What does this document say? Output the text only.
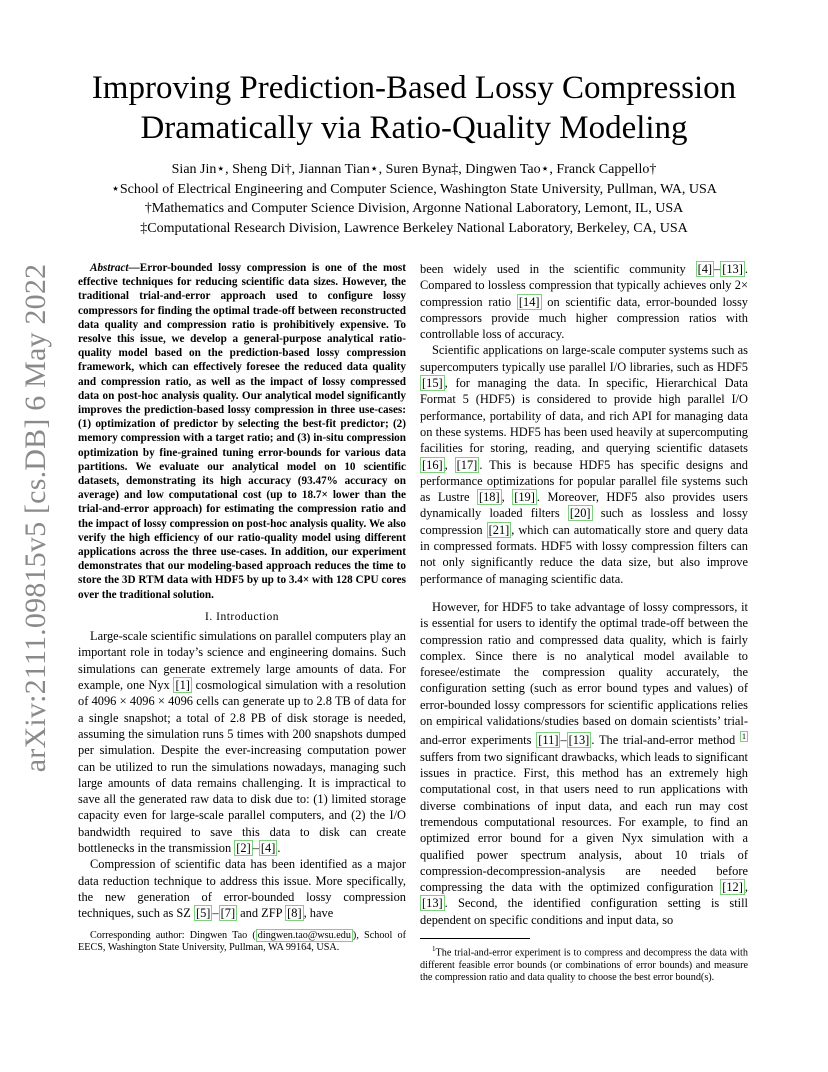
arXiv:2111.09815v5 [cs.DB] 6 May 2022
Improving Prediction-Based Lossy Compression
Dramatically via Ratio-Quality Modeling
Sian Jin⋆, Sheng Di†, Jiannan Tian⋆, Suren Byna‡, Dingwen Tao⋆, Franck Cappello†
⋆School of Electrical Engineering and Computer Science, Washington State University, Pullman, WA, USA
†Mathematics and Computer Science Division, Argonne National Laboratory, Lemont, IL, USA
‡Computational Research Division, Lawrence Berkeley National Laboratory, Berkeley, CA, USA

Abstract—Error-bounded lossy compression is one of the most effective techniques for reducing scientific data sizes. However, the traditional trial-and-error approach used to configure lossy compressors for finding the optimal trade-off between reconstructed data quality and compression ratio is prohibitively expensive. To resolve this issue, we develop a general-purpose analytical ratio-quality model based on the prediction-based lossy compression framework, which can effectively foresee the reduced data quality and compression ratio, as well as the impact of lossy compressed data on post-hoc analysis quality. Our analytical model significantly improves the prediction-based lossy compression in three use-cases: (1) optimization of predictor by selecting the best-fit predictor; (2) memory compression with a target ratio; and (3) in-situ compression optimization by fine-grained tuning error-bounds for various data partitions. We evaluate our analytical model on 10 scientific datasets, demonstrating its high accuracy (93.47% accuracy on average) and low computational cost (up to 18.7× lower than the trial-and-error approach) for estimating the compression ratio and the impact of lossy compression on post-hoc analysis quality. We also verify the high efficiency of our ratio-quality model using different applications across the three use-cases. In addition, our experiment demonstrates that our modeling-based approach reduces the time to store the 3D RTM data with HDF5 by up to 3.4× with 128 CPU cores over the traditional solution.

I. Introduction

Large-scale scientific simulations on parallel computers play an important role in today’s science and engineering domains. Such simulations can generate extremely large amounts of data. For example, one Nyx [1] cosmological simulation with a resolution of 4096 × 4096 × 4096 cells can generate up to 2.8 TB of data for a single snapshot; a total of 2.8 PB of disk storage is needed, assuming the simulation runs 5 times with 200 snapshots dumped per simulation. Despite the ever-increasing computation power can be utilized to run the simulations nowadays, managing such large amounts of data remains challenging. It is impractical to save all the generated raw data to disk due to: (1) limited storage capacity even for large-scale parallel computers, and (2) the I/O bandwidth required to save this data to disk can create bottlenecks in the transmission [2] – [4] .

Compression of scientific data has been identified as a major data reduction technique to address this issue. More specifically, the new generation of error-bounded lossy compression techniques, such as SZ [5] – [7] and ZFP [8] , have

Corresponding author: Dingwen Tao ( dingwen.tao@wsu.edu ), School of EECS, Washington State University, Pullman, WA 99164, USA.

been widely used in the scientific community [4] – [13] . Compared to lossless compression that typically achieves only 2× compression ratio [14] on scientific data, error-bounded lossy compressors provide much higher compression ratios with controllable loss of accuracy.

Scientific applications on large-scale computer systems such as supercomputers typically use parallel I/O libraries, such as HDF5 [15] , for managing the data. In specific, Hierarchical Data Format 5 (HDF5) is considered to provide high parallel I/O performance, portability of data, and rich API for managing data on these systems. HDF5 has been used heavily at supercomputing facilities for storing, reading, and querying scientific datasets [16] , [17] . This is because HDF5 has specific designs and performance optimizations for popular parallel file systems such as Lustre [18] , [19] . Moreover, HDF5 also provides users dynamically loaded filters [20] such as lossless and lossy compression [21] , which can automatically store and query data in compressed formats. HDF5 with lossy compression filters can not only significantly reduce the data size, but also improve performance of managing scientific data.

However, for HDF5 to take advantage of lossy compressors, it is essential for users to identify the optimal trade-off between the compression ratio and compressed data quality, which is fairly complex. Since there is no analytical model available to foresee/estimate the compression quality accurately, the configuration setting (such as error bound types and values) of error-bounded lossy compressors for scientific applications relies on empirical validations/studies based on domain scientists’ trial-and-error experiments [11] – [13] . The trial-and-error method $^1$ suffers from two significant drawbacks, which leads to significant issues in practice. First, this method has an extremely high computational cost, in that users need to run applications with diverse combinations of input data, and each run may cost tremendous computational resources. For example, to find an optimized error bound for a given Nyx simulation with a qualified power spectrum analysis, about 10 trials of compression-decompression-analysis are needed before compressing the data with the optimized configuration [12] , [13] . Second, the identified configuration setting is still dependent on specific conditions and input data, so

$^1$The trial-and-error experiment is to compress and decompress the data with different feasible error bounds (or combinations of error bounds) and measure the compression ratio and data quality to choose the best error bound(s).
